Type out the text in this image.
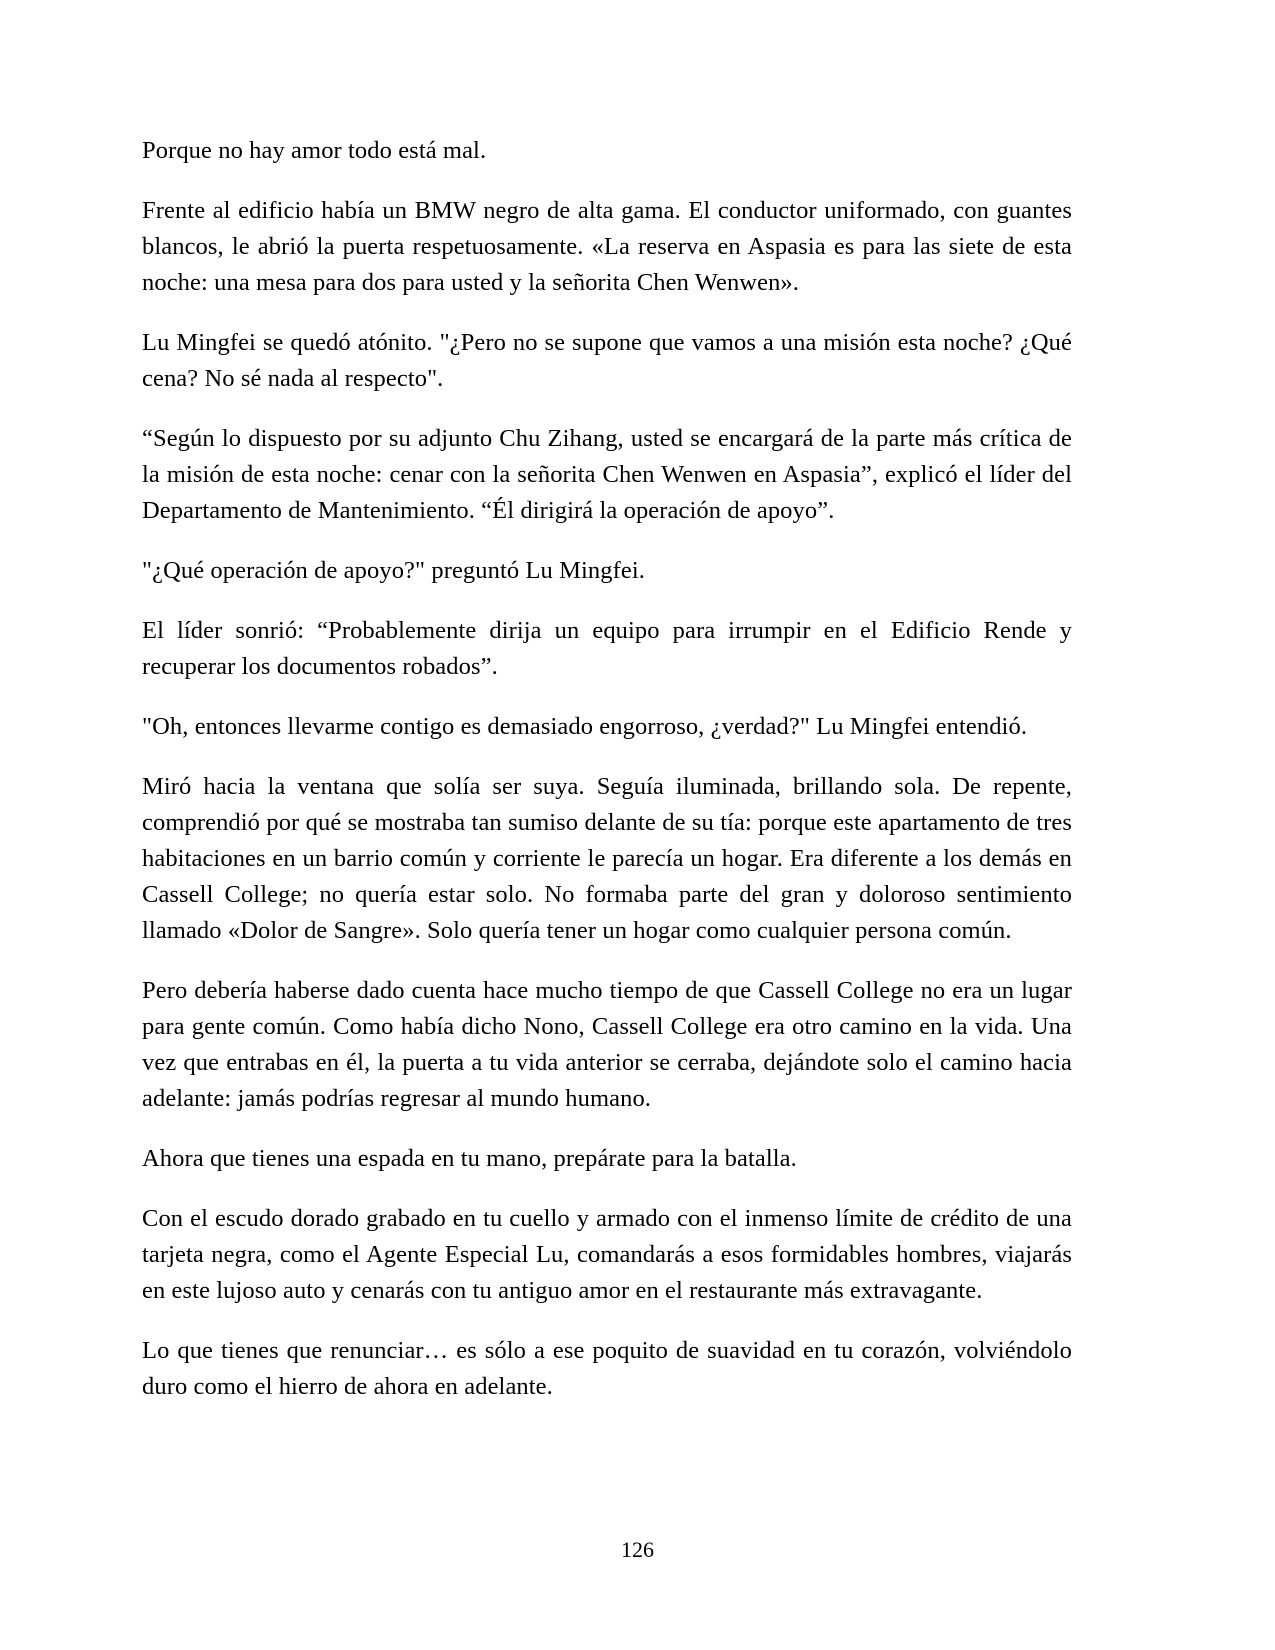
Porque no hay amor todo está mal.

Frente al edificio había un BMW negro de alta gama. El conductor uniformado, con guantes blancos, le abrió la puerta respetuosamente. «La reserva en Aspasia es para las siete de esta noche: una mesa para dos para usted y la señorita Chen Wenwen».

Lu Mingfei se quedó atónito. "¿Pero no se supone que vamos a una misión esta noche? ¿Qué cena? No sé nada al respecto".

“Según lo dispuesto por su adjunto Chu Zihang, usted se encargará de la parte más crítica de la misión de esta noche: cenar con la señorita Chen Wenwen en Aspasia”, explicó el líder del Departamento de Mantenimiento. “Él dirigirá la operación de apoyo”.

"¿Qué operación de apoyo?" preguntó Lu Mingfei.

El líder sonrió: “Probablemente dirija un equipo para irrumpir en el Edificio Rende y recuperar los documentos robados”.

"Oh, entonces llevarme contigo es demasiado engorroso, ¿verdad?" Lu Mingfei entendió.

Miró hacia la ventana que solía ser suya. Seguía iluminada, brillando sola. De repente, comprendió por qué se mostraba tan sumiso delante de su tía: porque este apartamento de tres habitaciones en un barrio común y corriente le parecía un hogar. Era diferente a los demás en Cassell College; no quería estar solo. No formaba parte del gran y doloroso sentimiento llamado «Dolor de Sangre». Solo quería tener un hogar como cualquier persona común.

Pero debería haberse dado cuenta hace mucho tiempo de que Cassell College no era un lugar para gente común. Como había dicho Nono, Cassell College era otro camino en la vida. Una vez que entrabas en él, la puerta a tu vida anterior se cerraba, dejándote solo el camino hacia adelante: jamás podrías regresar al mundo humano.

Ahora que tienes una espada en tu mano, prepárate para la batalla.

Con el escudo dorado grabado en tu cuello y armado con el inmenso límite de crédito de una tarjeta negra, como el Agente Especial Lu, comandarás a esos formidables hombres, viajarás en este lujoso auto y cenarás con tu antiguo amor en el restaurante más extravagante.

Lo que tienes que renunciar… es sólo a ese poquito de suavidad en tu corazón, volviéndolo duro como el hierro de ahora en adelante.

126
